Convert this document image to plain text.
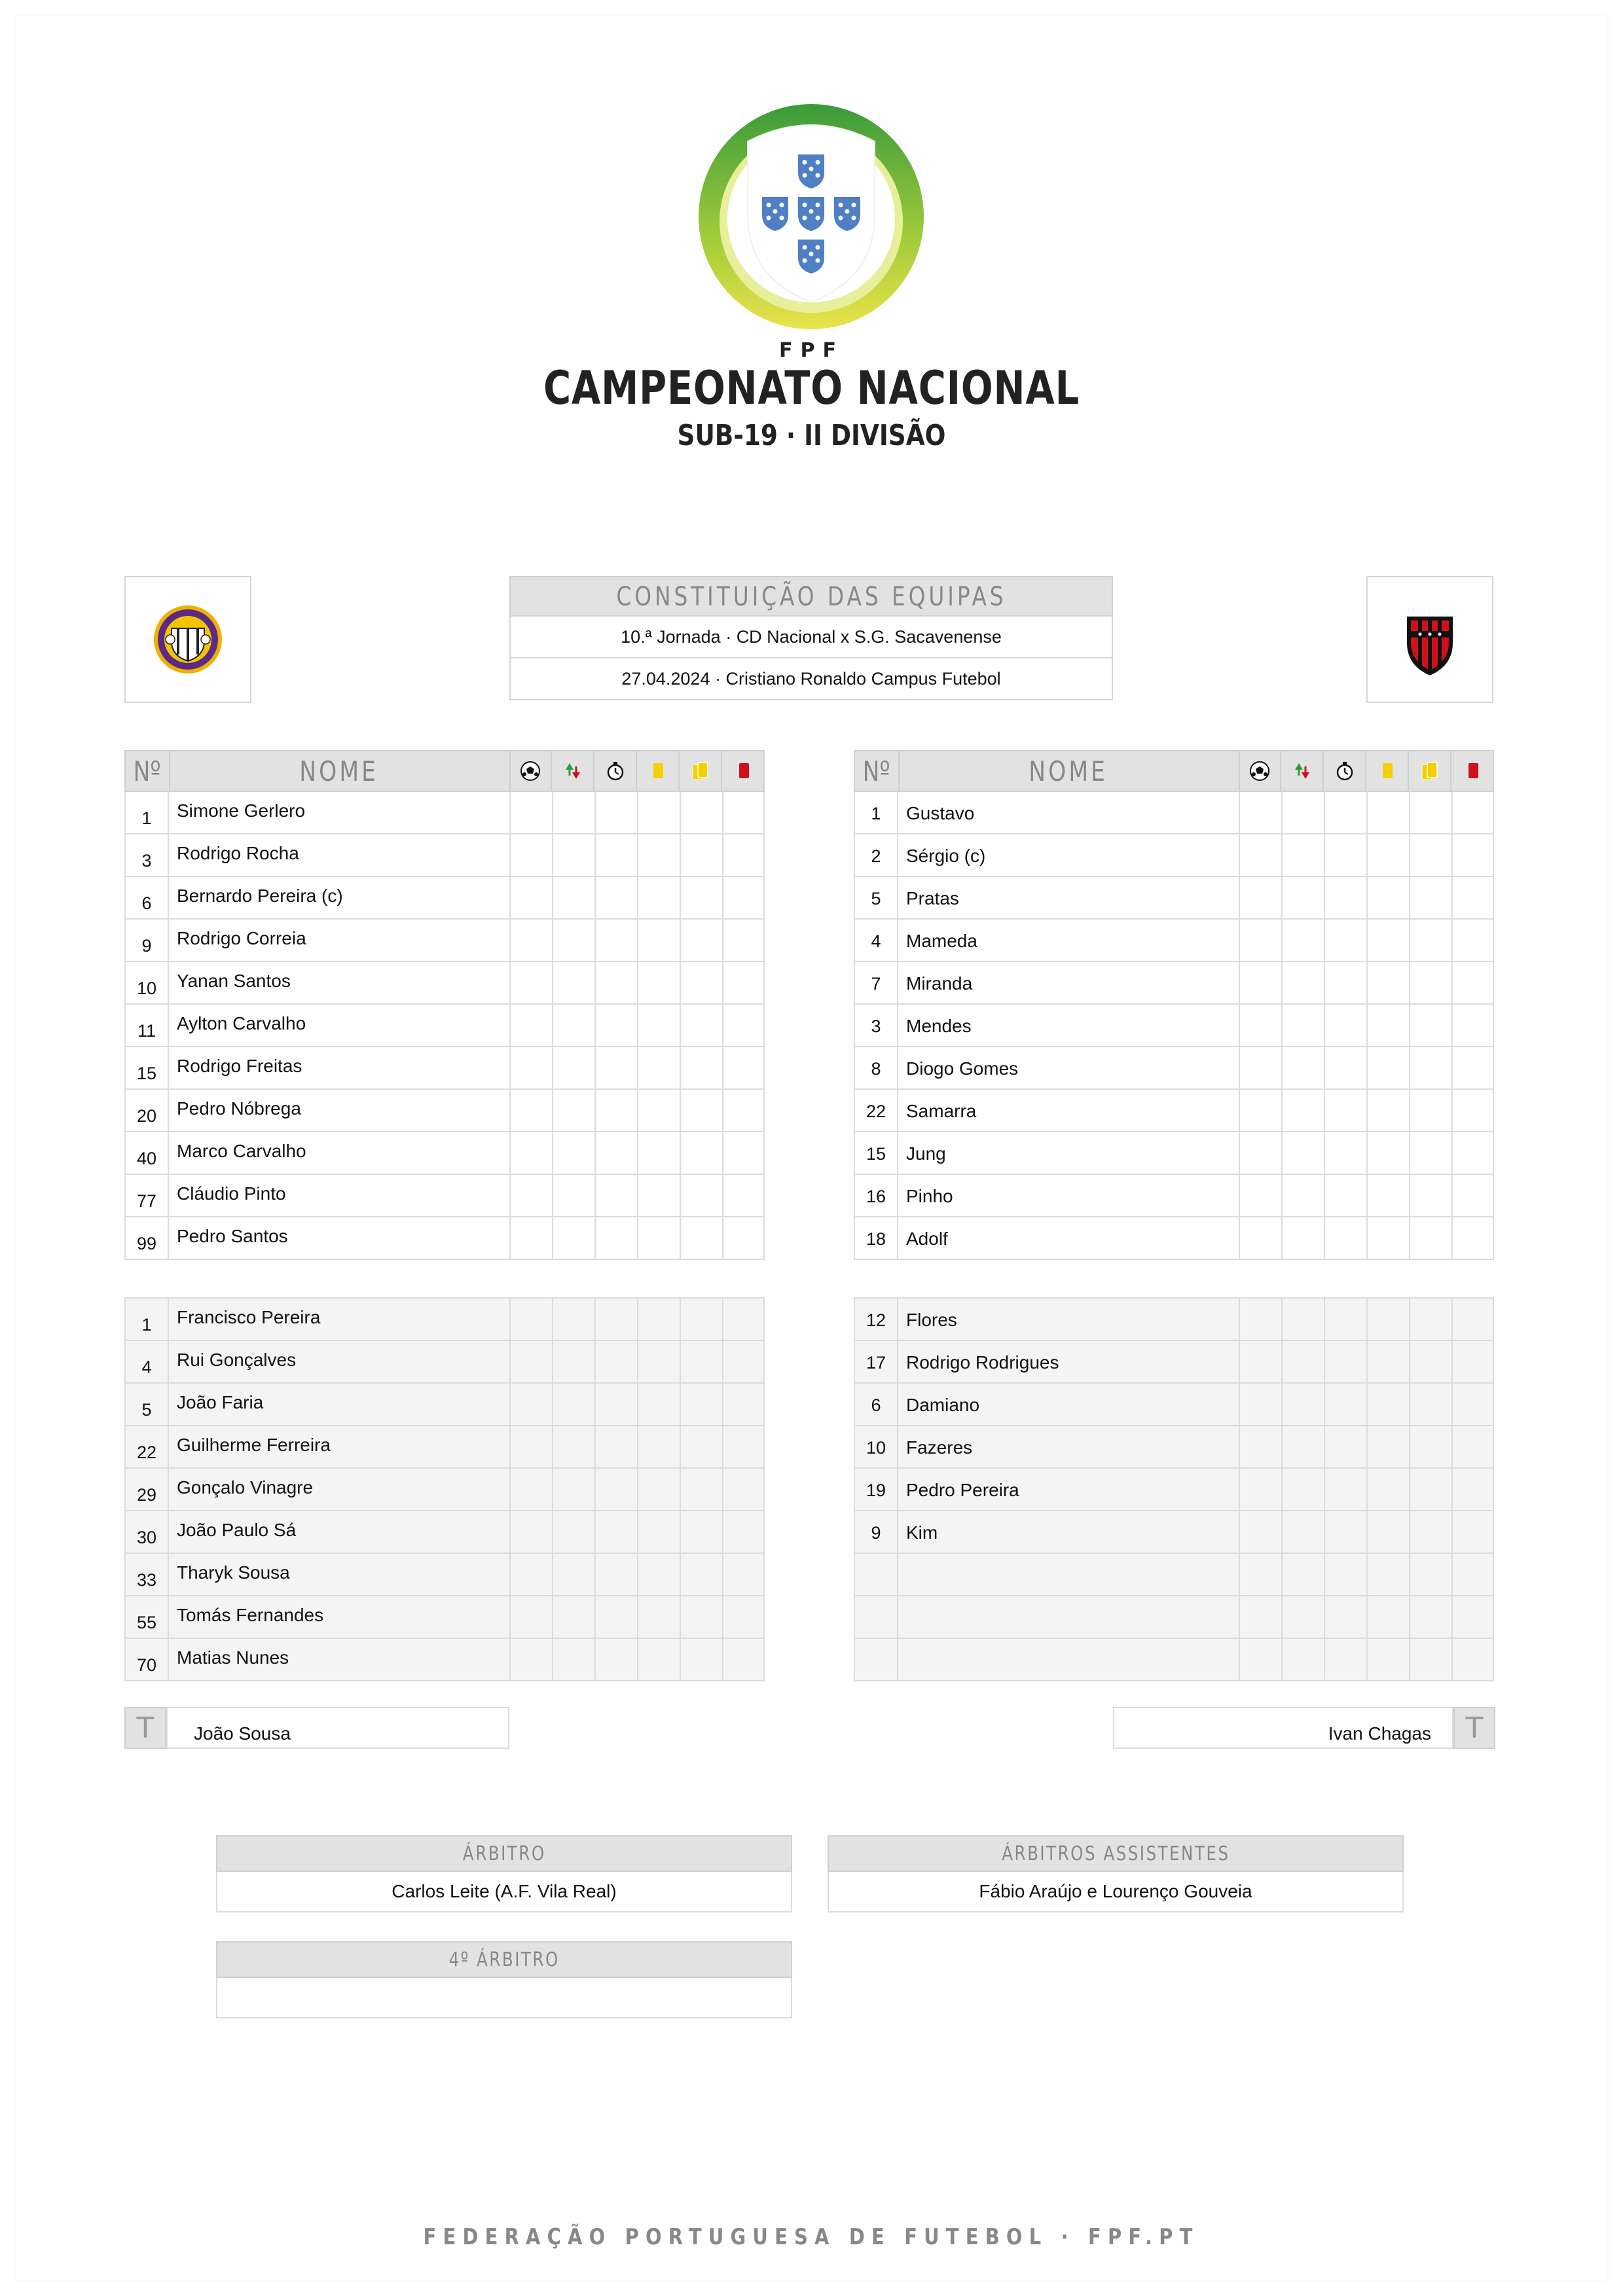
FPF
CAMPEONATO NACIONAL
SUB-19 · II DIVISÃO
CONSTITUIÇÃO DAS EQUIPAS
10.ª Jornada · CD Nacional x S.G. Sacavenense
27.04.2024 · Cristiano Ronaldo Campus Futebol
Nº	NOME
1	Simone Gerlero
3	Rodrigo Rocha
6	Bernardo Pereira (c)
9	Rodrigo Correia
10	Yanan Santos
11	Aylton Carvalho
15	Rodrigo Freitas
20	Pedro Nóbrega
40	Marco Carvalho
77	Cláudio Pinto
99	Pedro Santos
1	Francisco Pereira
4	Rui Gonçalves
5	João Faria
22	Guilherme Ferreira
29	Gonçalo Vinagre
30	João Paulo Sá
33	Tharyk Sousa
55	Tomás Fernandes
70	Matias Nunes
Nº	NOME
1	Gustavo
2	Sérgio (c)
5	Pratas
4	Mameda
7	Miranda
3	Mendes
8	Diogo Gomes
22	Samarra
15	Jung
16	Pinho
18	Adolf
12	Flores
17	Rodrigo Rodrigues
6	Damiano
10	Fazeres
19	Pedro Pereira
9	Kim
T	João Sousa	Ivan Chagas	T
ÁRBITRO
Carlos Leite (A.F. Vila Real)
ÁRBITROS ASSISTENTES
Fábio Araújo e Lourenço Gouveia
4º ÁRBITRO
FEDERAÇÃO PORTUGUESA DE FUTEBOL · FPF.PT
